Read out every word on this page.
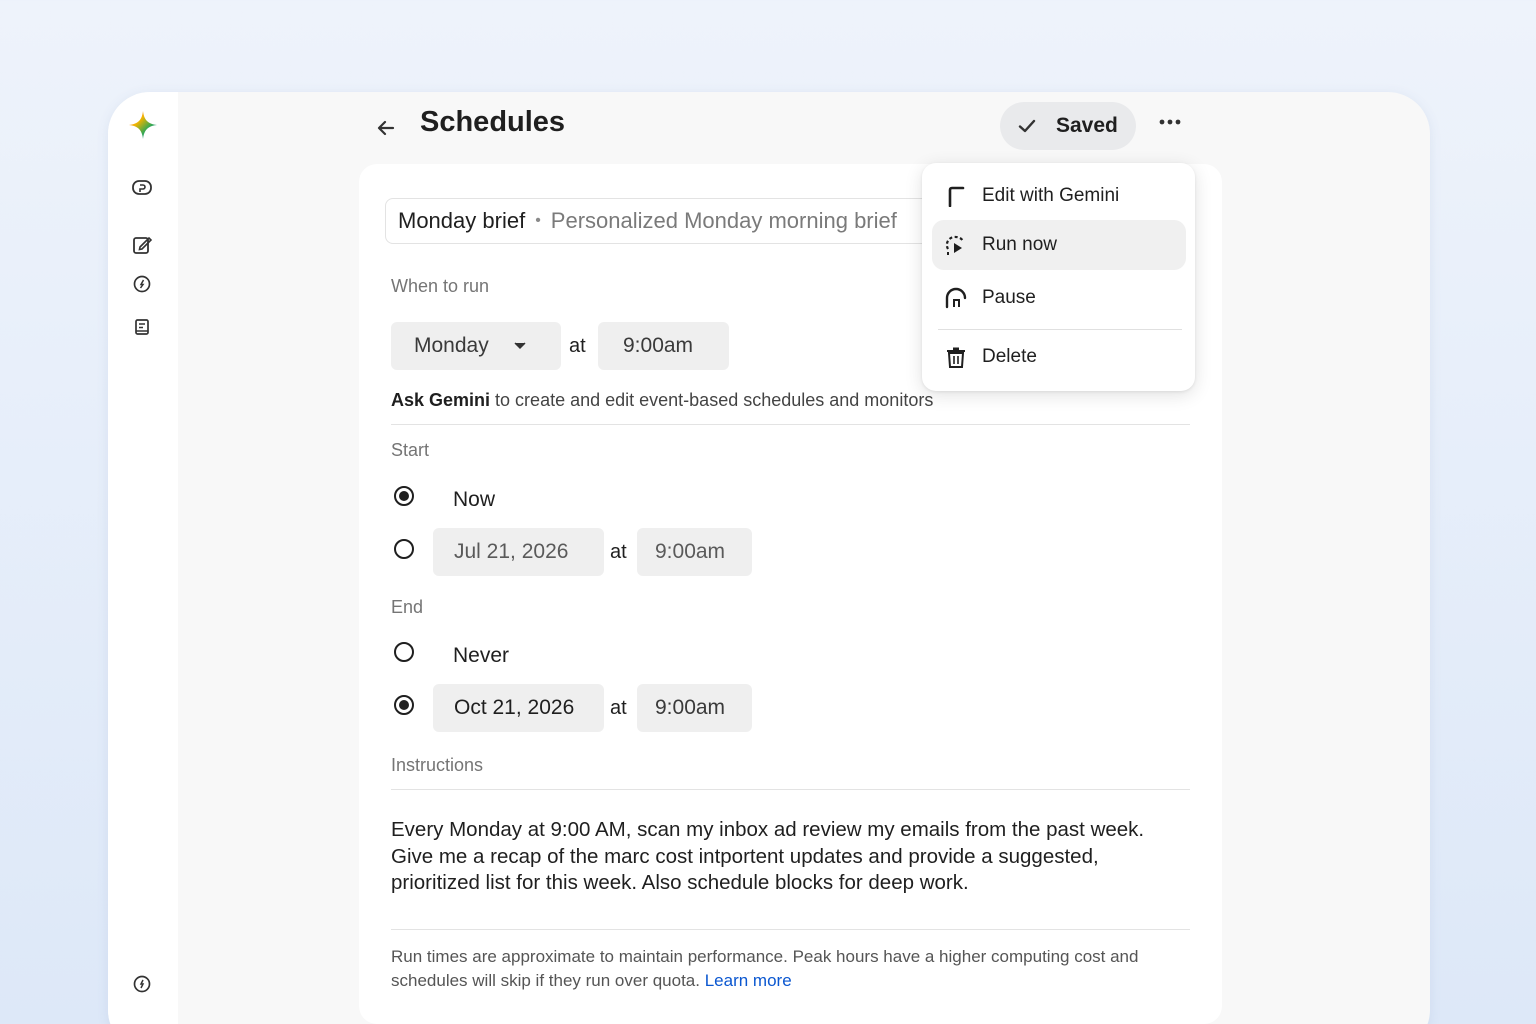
Schedules	Saved
Monday brief • Personalized Monday morning brief
When to run
Monday	at 9:00am
Ask Gemini to create and edit event-based schedules and monitors
Start
Now
Jul 21, 2026 at 9:00am
End
Never
Oct 21, 2026 at 9:00am
Instructions
Every Monday at 9:00 AM, scan my inbox ad review my emails from the past week. Give me a recap of the marc cost intportent updates and provide a suggested, prioritized list for this week. Also schedule blocks for deep work.
Run times are approximate to maintain performance. Peak hours have a higher computing cost and schedules will skip if they run over quota. Learn more
Edit with Gemini
Run now
Pause
Delete
